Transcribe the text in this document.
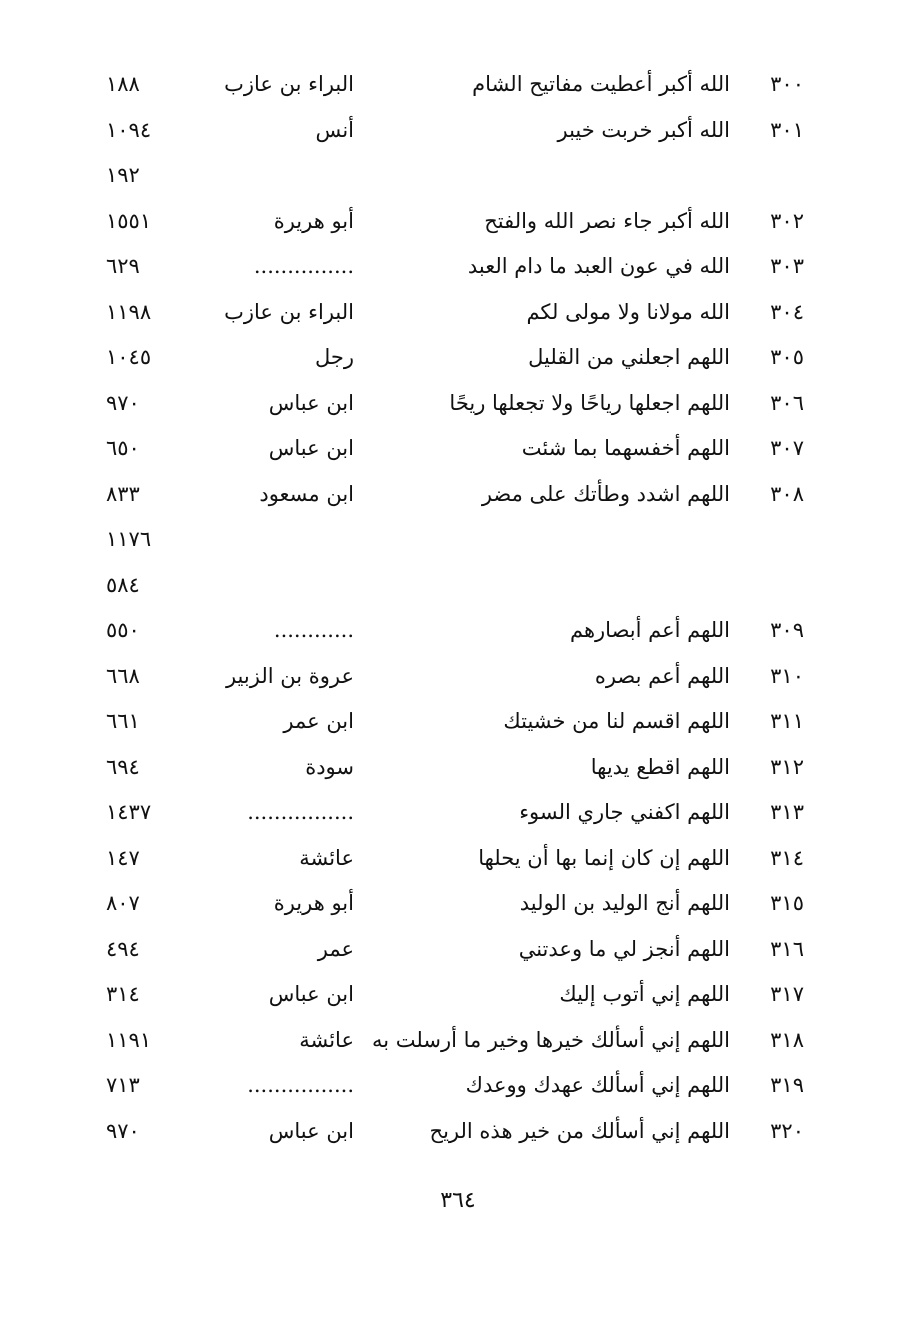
٣٠٠
الله أكبر أعطيت مفاتيح الشام
البراء بن عازب
١٨٨
٣٠١
الله أكبر خربت خيبر
أنس
١٠٩٤
١٩٢
٣٠٢
الله أكبر جاء نصر الله والفتح
أبو هريرة
١٥٥١
٣٠٣
الله في عون العبد ما دام العبد
...............
٦٢٩
٣٠٤
الله مولانا ولا مولى لكم
البراء بن عازب
١١٩٨
٣٠٥
اللهم اجعلني من القليل
رجل
١٠٤٥
٣٠٦
اللهم اجعلها رياحًا ولا تجعلها ريحًا
ابن عباس
٩٧٠
٣٠٧
اللهم أخفسهما بما شئت
ابن عباس
٦٥٠
٣٠٨
اللهم اشدد وطأتك على مضر
ابن مسعود
٨٣٣
١١٧٦
٥٨٤
٣٠٩
اللهم أعم أبصارهم
............
٥٥٠
٣١٠
اللهم أعم بصره
عروة بن الزبير
٦٦٨
٣١١
اللهم اقسم لنا من خشيتك
ابن عمر
٦٦١
٣١٢
اللهم اقطع يديها
سودة
٦٩٤
٣١٣
اللهم اكفني جاري السوء
................
١٤٣٧
٣١٤
اللهم إن كان إنما بها أن يحلها
عائشة
١٤٧
٣١٥
اللهم أنج الوليد بن الوليد
أبو هريرة
٨٠٧
٣١٦
اللهم أنجز لي ما وعدتني
عمر
٤٩٤
٣١٧
اللهم إني أتوب إليك
ابن عباس
٣١٤
٣١٨
اللهم إني أسألك خيرها وخير ما أرسلت به
عائشة
١١٩١
٣١٩
اللهم إني أسألك عهدك ووعدك
................
٧١٣
٣٢٠
اللهم إني أسألك من خير هذه الريح
ابن عباس
٩٧٠
٣٦٤
